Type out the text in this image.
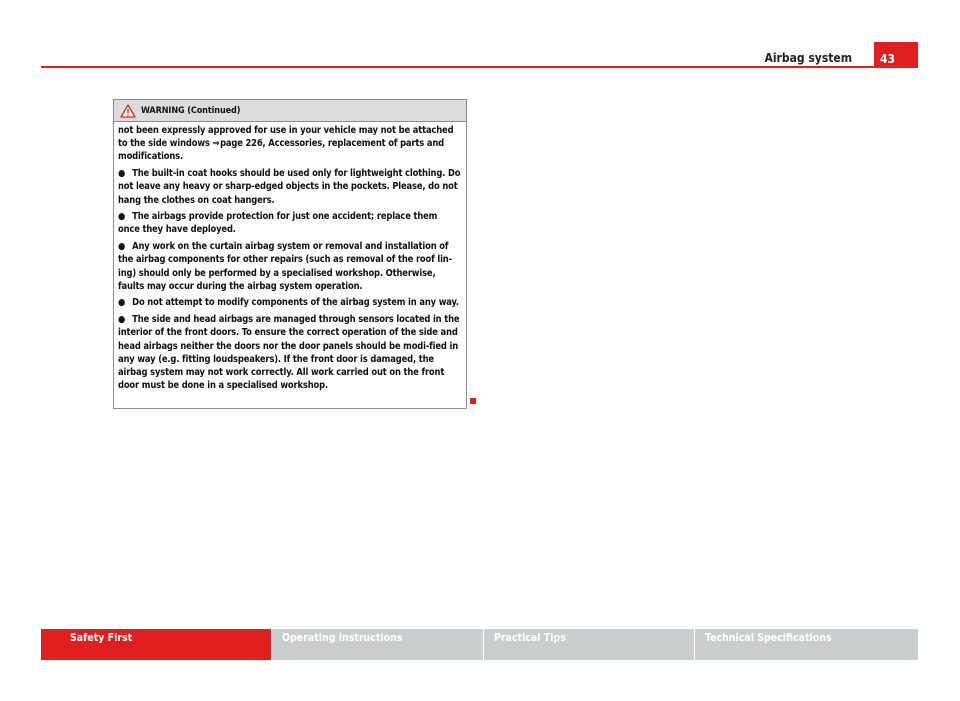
Airbag system	43
WARNING (Continued)

not been expressly approved for use in your vehicle may not be attached to the side windows ⇒ page 226, Accessories, replacement of parts and modifications.

● The built-in coat hooks should be used only for lightweight clothing. Do not leave any heavy or sharp-edged objects in the pockets. Please, do not hang the clothes on coat hangers.

● The airbags provide protection for just one accident; replace them once they have deployed.

● Any work on the curtain airbag system or removal and installation of the airbag components for other repairs (such as removal of the roof lin-ing) should only be performed by a specialised workshop. Otherwise, faults may occur during the airbag system operation.

● Do not attempt to modify components of the airbag system in any way.

● The side and head airbags are managed through sensors located in the interior of the front doors. To ensure the correct operation of the side and head airbags neither the doors nor the door panels should be modi-fied in any way (e.g. fitting loudspeakers). If the front door is damaged, the airbag system may not work correctly. All work carried out on the front door must be done in a specialised workshop.

Safety First	Operating instructions	Practical Tips	Technical Specifications
